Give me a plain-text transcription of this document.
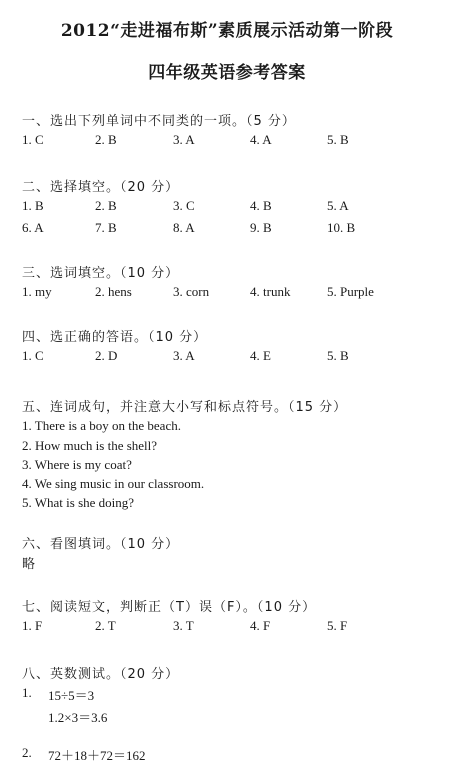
2012“走进福布斯”素质展示活动第一阶段
四年级英语参考答案
一、选出下列单词中不同类的一项。（5 分）
1. C	2. B	3. A	4. A	5. B
二、选择填空。（20 分）
1. B	2. B	3. C	4. B	5. A
6. A	7. B	8. A	9. B	10. B
三、选词填空。（10 分）
1. my	2. hens	3. corn	4. trunk	5. Purple
四、选正确的答语。（10 分）
1. C	2. D	3. A	4. E	5. B
五、连词成句，并注意大小写和标点符号。（15 分）
1. There is a boy on the beach.
2. How much is the shell?
3. Where is my coat?
4. We sing music in our classroom.
5. What is she doing?
六、看图填词。（10 分）
略
七、阅读短文，判断正（T）误（F）。（10 分）
1. F	2. T	3. T	4. F	5. F
八、英数测试。（20 分）
1. 15÷5＝3
1.2×3＝3.6
2. 72＋18＋72＝162
